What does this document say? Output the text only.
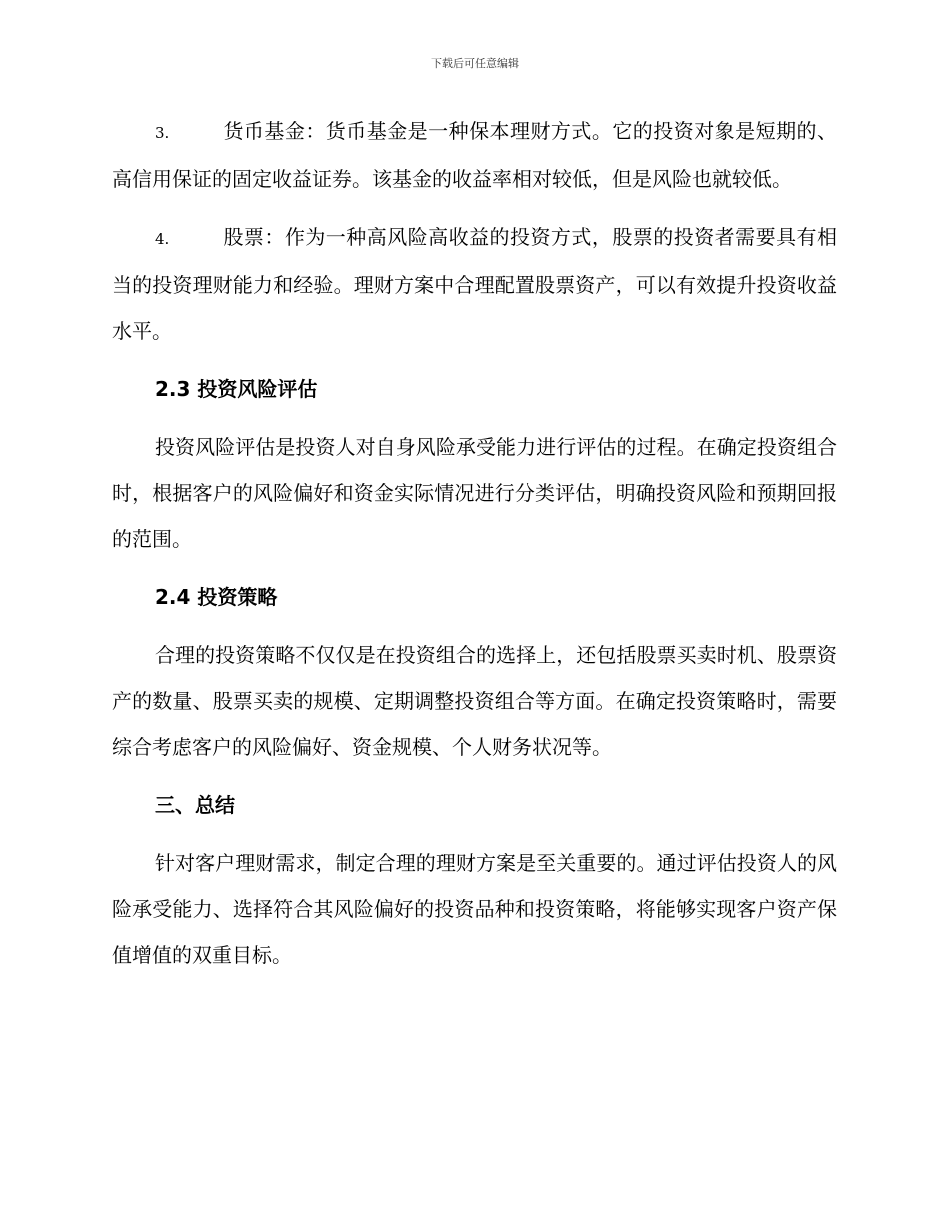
下载后可任意编辑

3.	货币基金：货币基金是一种保本理财方式。它的投资对象是短期的、高信用保证的固定收益证券。该基金的收益率相对较低，但是风险也就较低。

4.	股票：作为一种高风险高收益的投资方式，股票的投资者需要具有相当的投资理财能力和经验。理财方案中合理配置股票资产，可以有效提升投资收益水平。

2.3 投资风险评估

投资风险评估是投资人对自身风险承受能力进行评估的过程。在确定投资组合时，根据客户的风险偏好和资金实际情况进行分类评估，明确投资风险和预期回报的范围。

2.4 投资策略

合理的投资策略不仅仅是在投资组合的选择上，还包括股票买卖时机、股票资产的数量、股票买卖的规模、定期调整投资组合等方面。在确定投资策略时，需要综合考虑客户的风险偏好、资金规模、个人财务状况等。

三、总结

针对客户理财需求，制定合理的理财方案是至关重要的。通过评估投资人的风险承受能力、选择符合其风险偏好的投资品种和投资策略，将能够实现客户资产保值增值的双重目标。
